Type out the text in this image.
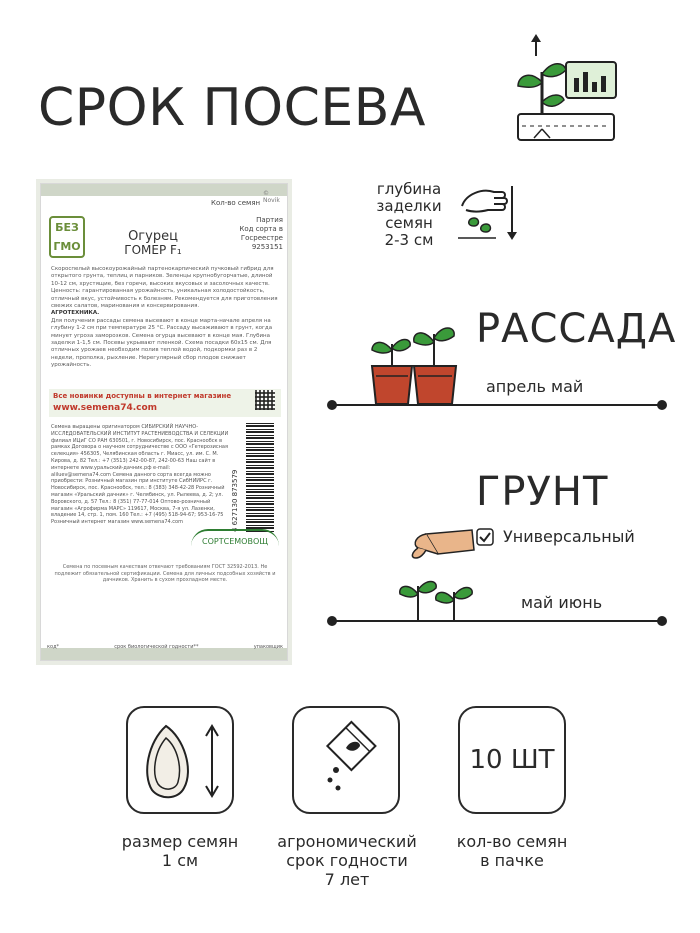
СРОК ПОСЕВА
© Novik
Кол-во семян
БЕЗ
ГМО
Партия
Код сорта в Госреестре
9253151
Огурец
ГОМЕР F₁
Скороспелый высокоурожайный партенокарпический пучковый гибрид для открытого грунта, теплиц и парников. Зеленцы крупнобугорчатые, длиной 10-12 см, хрустящие, без горечи, высоких вкусовых и засолочных качеств. Ценность: гарантированная урожайность, уникальная холодостойкость, отличный вкус, устойчивость к болезням. Рекомендуется для приготовления свежих салатов, маринования и консервирования.
АГРОТЕХНИКА.
Для получения рассады семена высевают в конце марта-начале апреля на глубину 1-2 см при температуре 25 °С. Рассаду высаживают в грунт, когда минует угроза заморозков. Семена огурца высевают в конце мая. Глубина заделки 1-1,5 см. Посевы укрывают пленкой. Схема посадки 60x15 см. Для отличных урожаев необходим полив теплой водой, подкормки раз в 2 недели, прополка, рыхление. Нерегулярный сбор плодов снижает урожайность.
Все новинки доступны в интернет магазине
www.semena74.com
Семена выращены оригинатором СИБИРСКИЙ НАУЧНО-ИССЛЕДОВАТЕЛЬСКИЙ ИНСТИТУТ РАСТЕНИЕВОДСТВА И СЕЛЕКЦИИ филиал ИЦиГ СО РАН 630501, г. Новосибирск, пос. Краснообск в рамках Договора о научном сотрудничестве с ООО «Гетерозисная селекция» 456305, Челябинская область г. Миасс, ул. им. С. М. Кирова, д. 82 Тел.: +7 (3513) 242-00-87, 242-00-63 Наш сайт в интернете www.уральский-дачник.рф e-mail: aliluev@semena74.com Семена данного сорта всегда можно приобрести: Розничный магазин при институте СибНИИРС г. Новосибирск, пос. Краснообск, тел.: 8 (383) 348-42-28 Розничный магазин «Уральский дачник» г. Челябинск, ул. Рылеева, д. 2; ул. Воровского, д. 57 Тел.: 8 (351) 77-77-014 Оптово-розничный магазин «Агрофирма МАРС» 119617, Москва, 7-я ул. Лазенки, владение 14, стр. 1, пом. 160 Тел.: +7 (495) 518-94-67; 953-16-75 Розничный интернет магазин www.semena74.com	4 627130 873579
СОРТСЕМОВОЩ
Семена по посевным качествам отвечают требованиям ГОСТ 32592-2013. Не подлежит обязательной сертификации. Семена для личных подсобных хозяйств и дачников. Хранить в сухом прохладном месте.
код*	срок биологической годности**	упаковщик
глубина
заделки
семян
2-3 см
РАССАДА
апрель май
ГРУНТ
Универсальный
май июнь
размер семян
1 см
агрономический
срок годности
7 лет
10 ШТ
кол-во семян
в пачке
